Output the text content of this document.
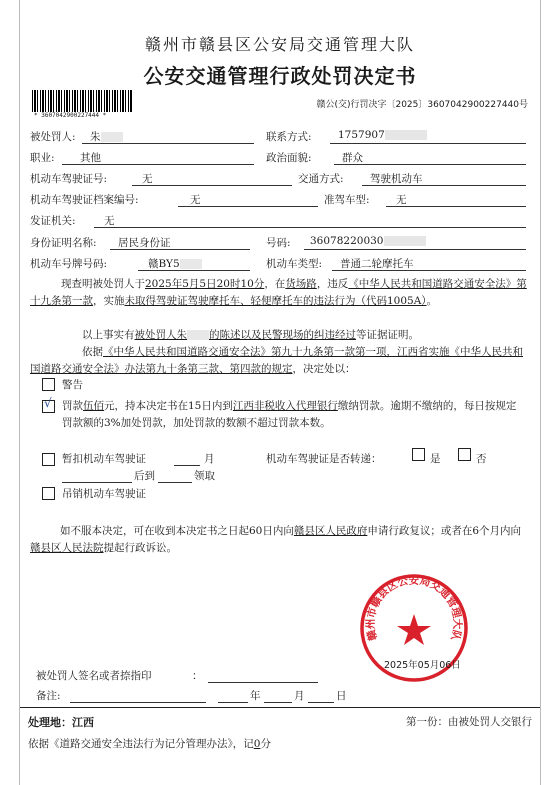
赣州市赣县区公安局交通管理大队
公安交通管理行政处罚决定书
* 3607042900227444 *
赣公(交)行罚决字〔2025〕3607042900227440号
被处罚人: 朱	联系方式:	1757907
职业: 其他	政治面貌:	群众
机动车驾驶证号:	无	交通方式:	驾驶机动车
机动车驾驶证档案编号:	无	准驾车型:	无
发证机关:	无
身份证明名称: 居民身份证	号码: 36078220030
机动车号牌号码:	赣BY5	机动车类型: 普通二轮摩托车
现查明被处罚人于2025年5月5日20时10分，在货场路，违反《中华人民共和国道路交通安全法》第十九条第一款，实施未取得驾驶证驾驶摩托车、轻便摩托车的违法行为（代码1005A）。
以上事实有被处罚人朱 的陈述以及民警现场的纠违经过等证据证明。
依据《中华人民共和国道路交通安全法》第九十九条第一款第一项，江西省实施《中华人民共和国道路交通安全法》办法第九十条第三款、第四款的规定，决定处以：
警告
√ 罚款伍佰元，持本决定书在15日内到江西非税收入代理银行缴纳罚款。逾期不缴纳的，每日按规定罚款额的3%加处罚款，加处罚款的数额不超过罚款本数。
暂扣机动车驾驶证	月
后到	领取
机动车驾驶证是否转递：	是	否
吊销机动车驾驶证
如不服本决定，可在收到本决定书之日起60日内向赣县区人民政府申请行政复议；或者在6个月内向赣县区人民法院提起行政诉讼。
赣州市赣县区公安局交通管理大队
2025年05月06日
被处罚人签名或者捺指印	：
备注:	年	月	日
处理地：江西	第一份：由被处罚人交银行
依据《道路交通安全违法行为记分管理办法》，记0分
